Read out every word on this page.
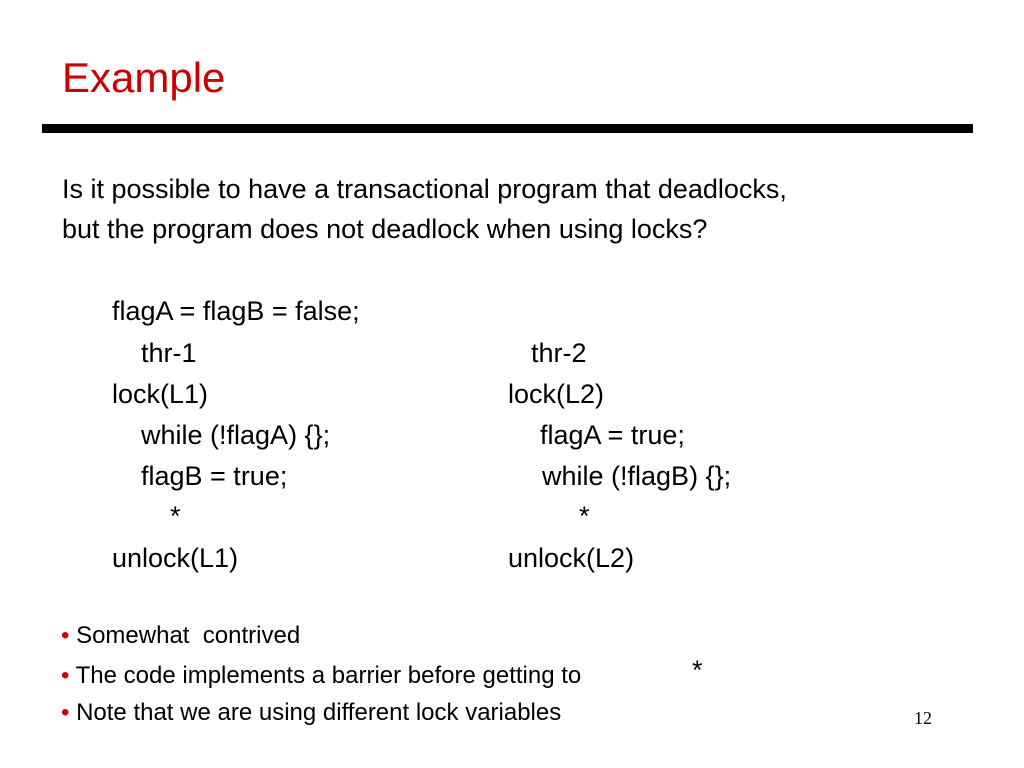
Example
Is it possible to have a transactional program that deadlocks,
but the program does not deadlock when using locks?
flagA = flagB = false;
thr-1	thr-2
lock(L1)	lock(L2)
while (!flagA) {};	flagA = true;
flagB = true;	while (!flagB) {};
*	*
unlock(L1)	unlock(L2)
• Somewhat  contrived
• The code implements a barrier before getting to	*
• Note that we are using different lock variables	12
